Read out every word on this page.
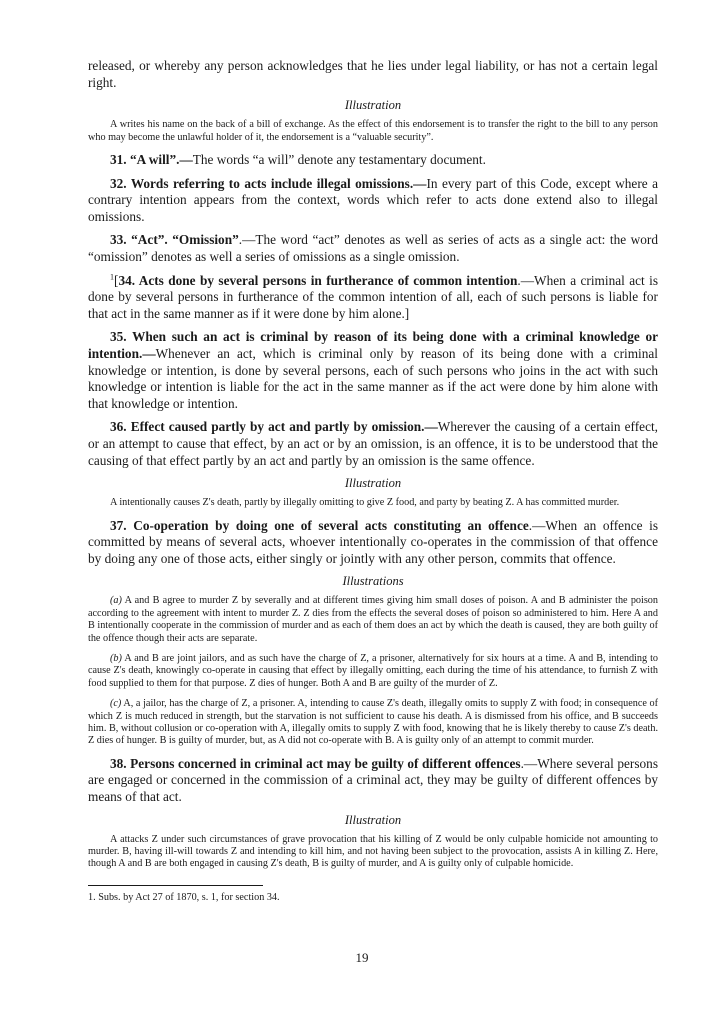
released, or whereby any person acknowledges that he lies under legal liability, or has not a certain legal right.

Illustration

A writes his name on the back of a bill of exchange. As the effect of this endorsement is to transfer the right to the bill to any person who may become the unlawful holder of it, the endorsement is a “valuable security”.

31. “A will”.—The words “a will” denote any testamentary document.

32. Words referring to acts include illegal omissions.—In every part of this Code, except where a contrary intention appears from the context, words which refer to acts done extend also to illegal omissions.

33. “Act”. “Omission”.—The word “act” denotes as well as series of acts as a single act: the word “omission” denotes as well a series of omissions as a single omission.

$^1$[34. Acts done by several persons in furtherance of common intention.—When a criminal act is done by several persons in furtherance of the common intention of all, each of such persons is liable for that act in the same manner as if it were done by him alone.]

35. When such an act is criminal by reason of its being done with a criminal knowledge or intention.—Whenever an act, which is criminal only by reason of its being done with a criminal knowledge or intention, is done by several persons, each of such persons who joins in the act with such knowledge or intention is liable for the act in the same manner as if the act were done by him alone with that knowledge or intention.

36. Effect caused partly by act and partly by omission.—Wherever the causing of a certain effect, or an attempt to cause that effect, by an act or by an omission, is an offence, it is to be understood that the causing of that effect partly by an act and partly by an omission is the same offence.

Illustration

A intentionally causes Z's death, partly by illegally omitting to give Z food, and party by beating Z. A has committed murder.

37. Co-operation by doing one of several acts constituting an offence.—When an offence is committed by means of several acts, whoever intentionally co-operates in the commission of that offence by doing any one of those acts, either singly or jointly with any other person, commits that offence.

Illustrations

(a) A and B agree to murder Z by severally and at different times giving him small doses of poison. A and B administer the poison according to the agreement with intent to murder Z. Z dies from the effects the several doses of poison so administered to him. Here A and B intentionally cooperate in the commission of murder and as each of them does an act by which the death is caused, they are both guilty of the offence though their acts are separate.

(b) A and B are joint jailors, and as such have the charge of Z, a prisoner, alternatively for six hours at a time. A and B, intending to cause Z's death, knowingly co-operate in causing that effect by illegally omitting, each during the time of his attendance, to furnish Z with food supplied to them for that purpose. Z dies of hunger. Both A and B are guilty of the murder of Z.

(c) A, a jailor, has the charge of Z, a prisoner. A, intending to cause Z's death, illegally omits to supply Z with food; in consequence of which Z is much reduced in strength, but the starvation is not sufficient to cause his death. A is dismissed from his office, and B succeeds him. B, without collusion or co-operation with A, illegally omits to supply Z with food, knowing that he is likely thereby to cause Z's death. Z dies of hunger. B is guilty of murder, but, as A did not co-operate with B. A is guilty only of an attempt to commit murder.

38. Persons concerned in criminal act may be guilty of different offences.—Where several persons are engaged or concerned in the commission of a criminal act, they may be guilty of different offences by means of that act.

Illustration

A attacks Z under such circumstances of grave provocation that his killing of Z would be only culpable homicide not amounting to murder. B, having ill-will towards Z and intending to kill him, and not having been subject to the provocation, assists A in killing Z. Here, though A and B are both engaged in causing Z's death, B is guilty of murder, and A is guilty only of culpable homicide.

1. Subs. by Act 27 of 1870, s. 1, for section 34.

19
